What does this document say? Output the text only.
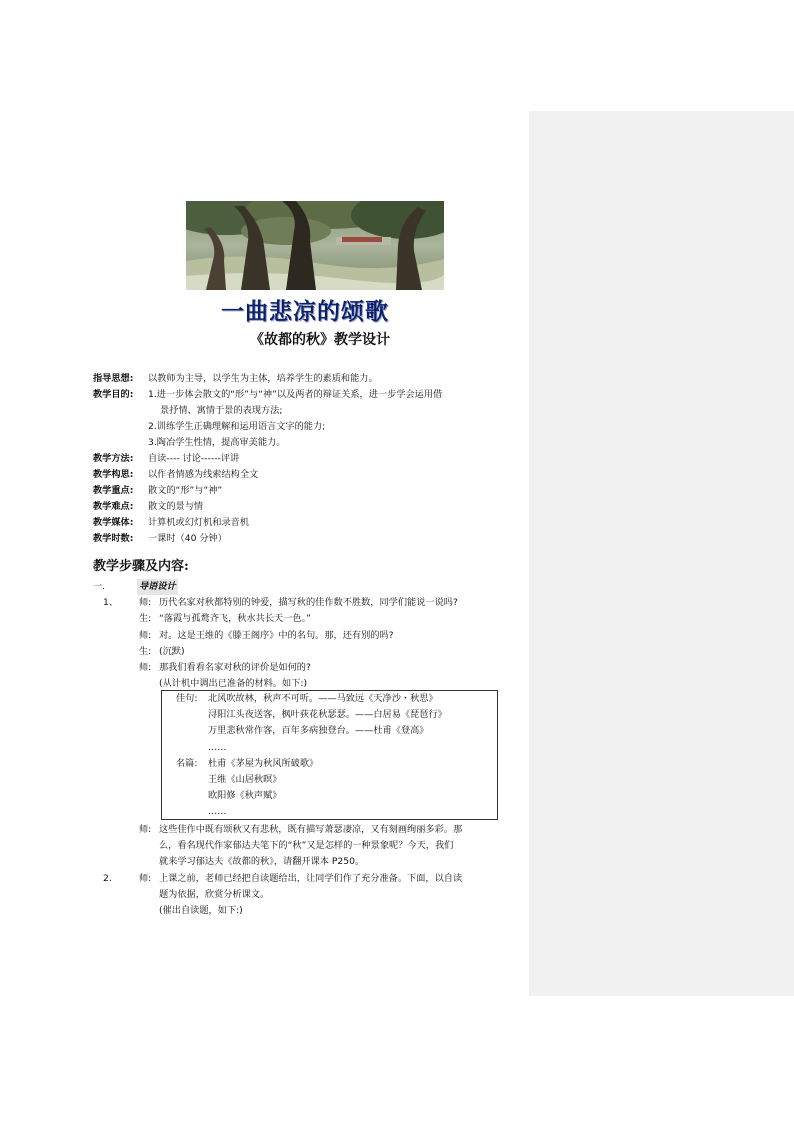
一曲悲凉的颂歌
《故都的秋》教学设计
指导思想:	以教师为主导，以学生为主体，培养学生的素质和能力。
教学目的:	1.进一步体会散文的“形”与“神”以及两者的辩证关系，进一步学会运用借
景抒情、寓情于景的表现方法;
2.训练学生正确理解和运用语言文字的能力;
3.陶冶学生性情，提高审美能力。
教学方法:	自读---- 讨论------评讲
教学构思:	以作者情感为线索结构全文
教学重点:	散文的“形”与“神”
教学难点:	散文的景与情
教学媒体:	计算机或幻灯机和录音机
教学时数:	一课时（40 分钟）
教学步骤及内容:
一.	导语设计
1、 师: 历代名家对秋都特别的钟爱，描写秋的佳作数不胜数，同学们能说一说吗?
生: “落霞与孤鹜齐飞，秋水共长天一色。”
师: 对。这是王维的《滕王阁序》中的名句。那，还有别的吗?
生: (沉默)
师: 那我们看看名家对秋的评价是如何的?
(从计机中调出已准备的材料。如下:)
佳句: 北风吹故林，秋声不可听。——马致远《天净沙・秋思》
浔阳江头夜送客，枫叶荻花秋瑟瑟。——白居易《琵琶行》
万里悲秋常作客，百年多病独登台。——杜甫《登高》
……
名篇: 杜甫《茅屋为秋风所破歌》
王维《山居秋暝》
欧阳修《秋声赋》
……
师: 这些佳作中既有颂秋又有悲秋，既有描写萧瑟凄凉，又有刻画绚丽多彩。那
么，看名现代作家郁达夫笔下的“秋”又是怎样的一种景象呢？今天，我们
就来学习郁达夫《故都的秋》，请翻开课本 P250。
2.	师: 上课之前，老师已经把自读题给出，让同学们作了充分准备。下面，以自读
题为依据，欣赏分析课文。
(催出自读题，如下:)
